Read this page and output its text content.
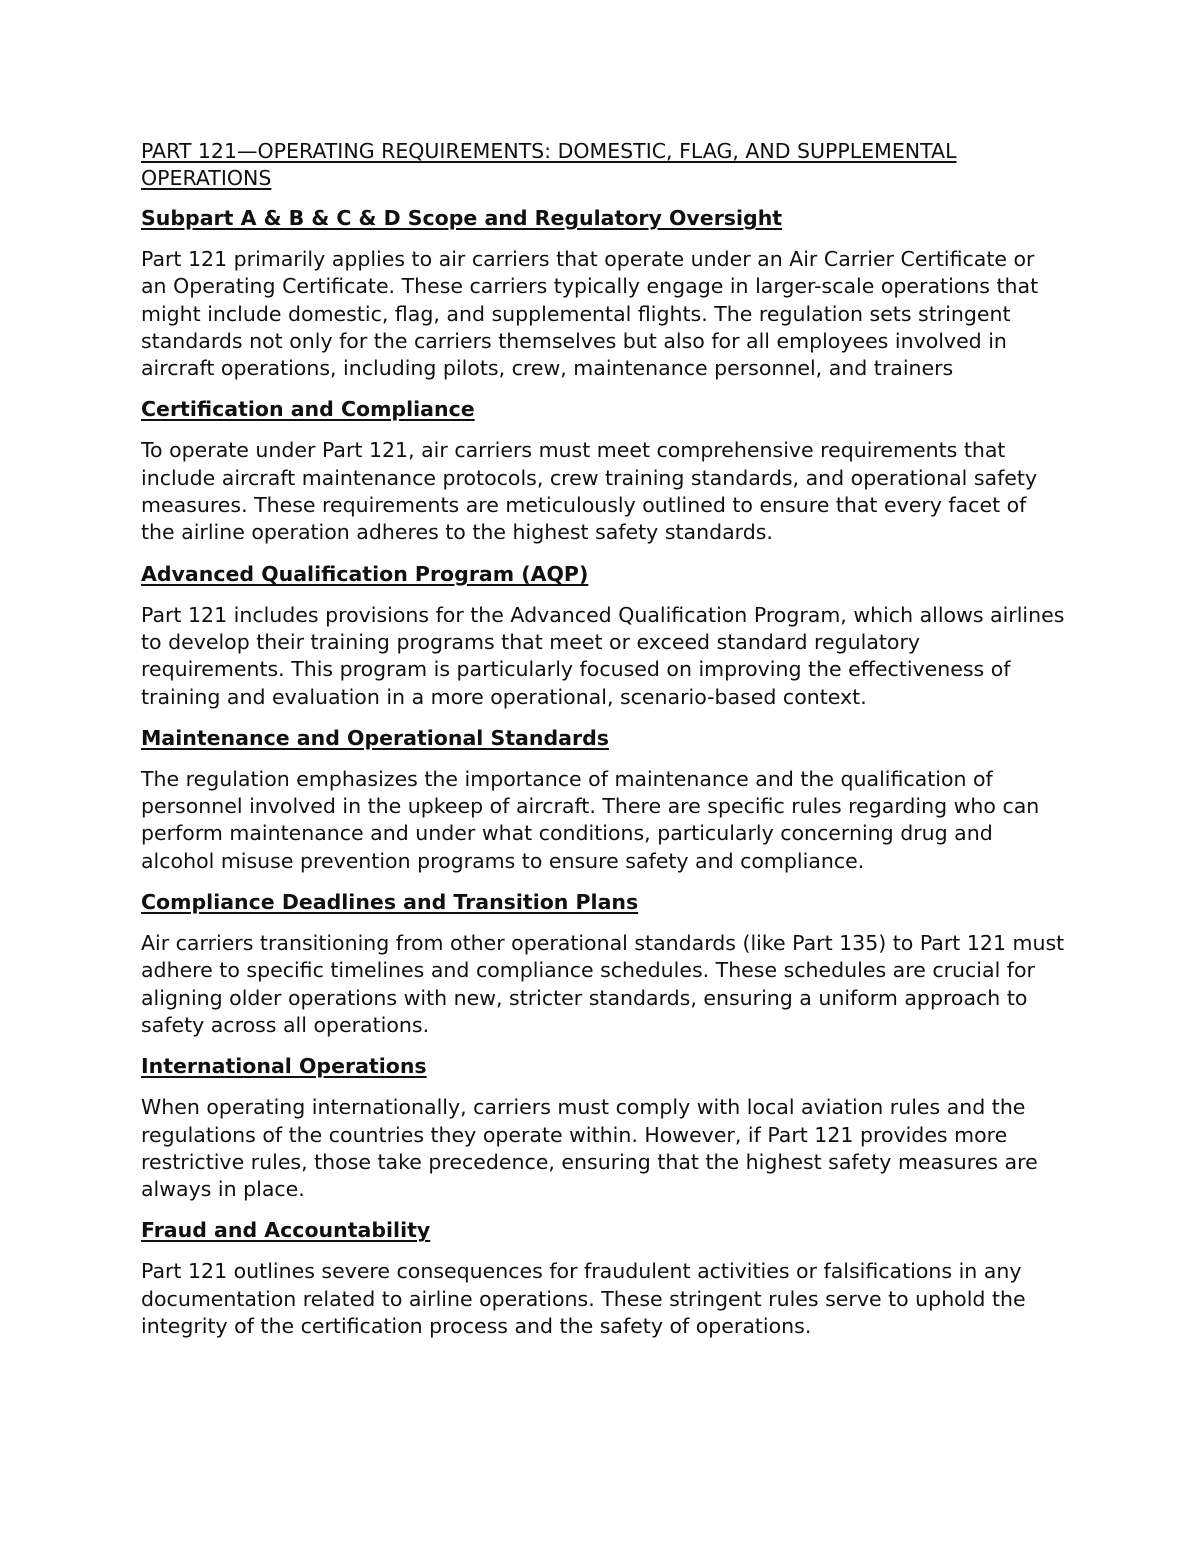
PART 121—OPERATING REQUIREMENTS: DOMESTIC, FLAG, AND SUPPLEMENTAL OPERATIONS
Subpart A & B & C & D Scope and Regulatory Oversight

Part 121 primarily applies to air carriers that operate under an Air Carrier Certificate or an Operating Certificate. These carriers typically engage in larger-scale operations that might include domestic, flag, and supplemental flights. The regulation sets stringent standards not only for the carriers themselves but also for all employees involved in aircraft operations, including pilots, crew, maintenance personnel, and trainers

Certification and Compliance

To operate under Part 121, air carriers must meet comprehensive requirements that include aircraft maintenance protocols, crew training standards, and operational safety measures. These requirements are meticulously outlined to ensure that every facet of the airline operation adheres to the highest safety standards.

Advanced Qualification Program (AQP)

Part 121 includes provisions for the Advanced Qualification Program, which allows airlines to develop their training programs that meet or exceed standard regulatory requirements. This program is particularly focused on improving the effectiveness of training and evaluation in a more operational, scenario-based context.

Maintenance and Operational Standards

The regulation emphasizes the importance of maintenance and the qualification of personnel involved in the upkeep of aircraft. There are specific rules regarding who can perform maintenance and under what conditions, particularly concerning drug and alcohol misuse prevention programs to ensure safety and compliance.

Compliance Deadlines and Transition Plans

Air carriers transitioning from other operational standards (like Part 135) to Part 121 must adhere to specific timelines and compliance schedules. These schedules are crucial for aligning older operations with new, stricter standards, ensuring a uniform approach to safety across all operations.

International Operations

When operating internationally, carriers must comply with local aviation rules and the regulations of the countries they operate within. However, if Part 121 provides more restrictive rules, those take precedence, ensuring that the highest safety measures are always in place.

Fraud and Accountability

Part 121 outlines severe consequences for fraudulent activities or falsifications in any documentation related to airline operations. These stringent rules serve to uphold the integrity of the certification process and the safety of operations.
